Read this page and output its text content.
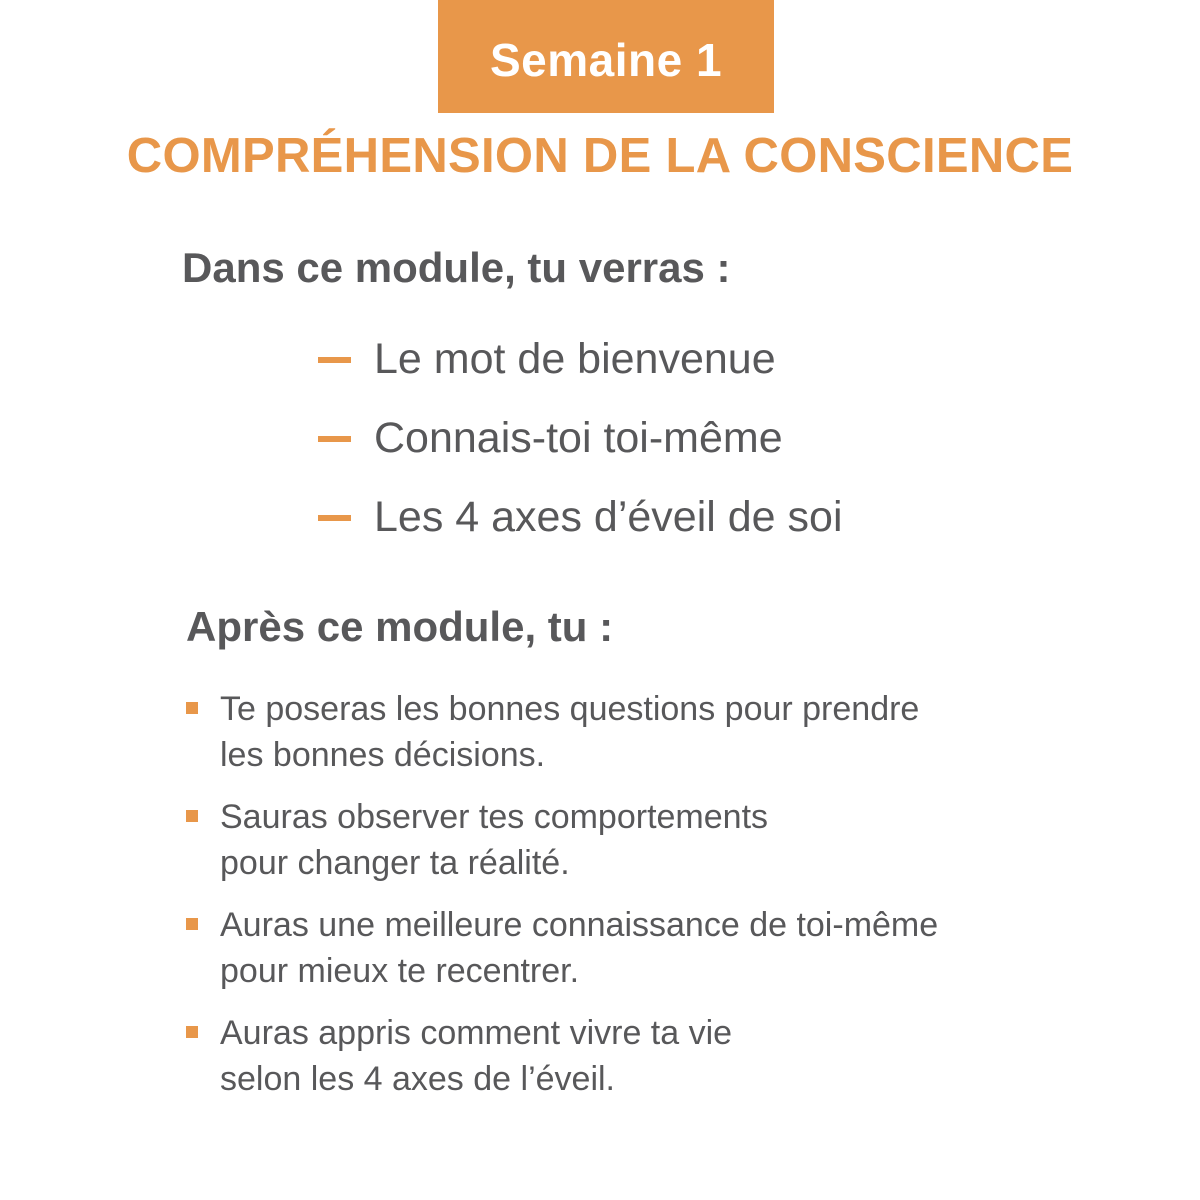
Semaine 1
COMPRÉHENSION DE LA CONSCIENCE
Dans ce module, tu verras :
Le mot de bienvenue
Connais-toi toi-même
Les 4 axes d’éveil de soi
Après ce module, tu :
Te poseras les bonnes questions pour prendre
les bonnes décisions.
Sauras observer tes comportements
pour changer ta réalité.
Auras une meilleure connaissance de toi-même
pour mieux te recentrer.
Auras appris comment vivre ta vie
selon les 4 axes de l’éveil.
